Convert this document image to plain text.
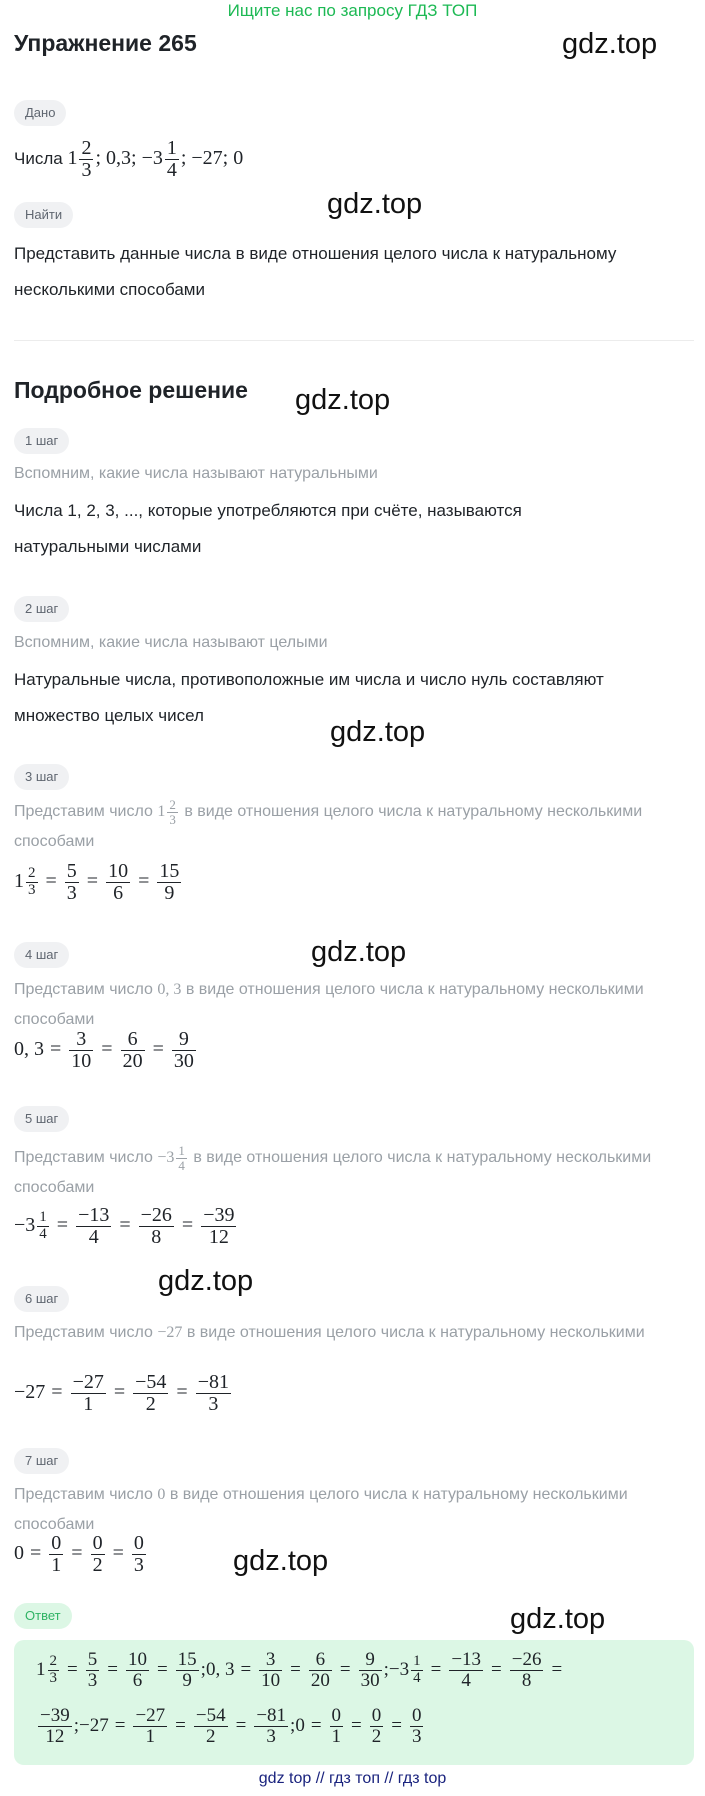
Ищите нас по запросу ГДЗ ТОП
Упражнение 265	gdz.top
gdz.top
gdz.top
gdz.top
gdz.top
gdz.top
gdz.top
gdz.top
Дано
Числа $1 \frac{2}{3}$ ; 0,3; $-3 \frac{1}{4}$ ; −27; 0
Найти
Представить данные числа в виде отношения целого числа к натуральному
несколькими способами
Подробное решение
1 шаг
Вспомним, какие числа называют натуральными
Числа 1, 2, 3, ..., которые употребляются при счёте, называются
натуральными числами
2 шаг
Вспомним, какие числа называют целыми
Натуральные числа, противоположные им числа и число нуль составляют
множество целых чисел
3 шаг
Представим число $1 \frac{2}{3}$ в виде отношения целого числа к натуральному несколькими
способами
$1 \frac{2}{3} = \frac{5}{3} = \frac{10}{6} = \frac{15}{9}$
4 шаг
Представим число 0, 3 в виде отношения целого числа к натуральному несколькими
способами
0, $3 = \frac{3}{10} = \frac{6}{20} = \frac{9}{30}$
5 шаг
Представим число $-3 \frac{1}{4}$ в виде отношения целого числа к натуральному несколькими
способами
$-3 \frac{1}{4} = \frac{-13}{4} = \frac{-26}{8} = \frac{-39}{12}$
6 шаг
Представим число −27 в виде отношения целого числа к натуральному несколькими
$-27 = \frac{-27}{1} = \frac{-54}{2} = \frac{-81}{3}$
7 шаг
Представим число 0 в виде отношения целого числа к натуральному несколькими
способами
$0 = \frac{0}{1} = \frac{0}{2} = \frac{0}{3}$
Ответ
$1 \frac{2}{3} = \frac{5}{3} = \frac{10}{6} = \frac{15}{9}$ ;0, $3 = \frac{3}{10} = \frac{6}{20} = \frac{9}{30}$ ;−3 $\frac{1}{4} = \frac{-13}{4} = \frac{-26}{8}$ =
$\frac{-39}{12}$ ;−27 = $\frac{-27}{1} = \frac{-54}{2} = \frac{-81}{3}$ ;0 = $\frac{0}{1} = \frac{0}{2} = \frac{0}{3}$
gdz top // гдз топ // гдз top
